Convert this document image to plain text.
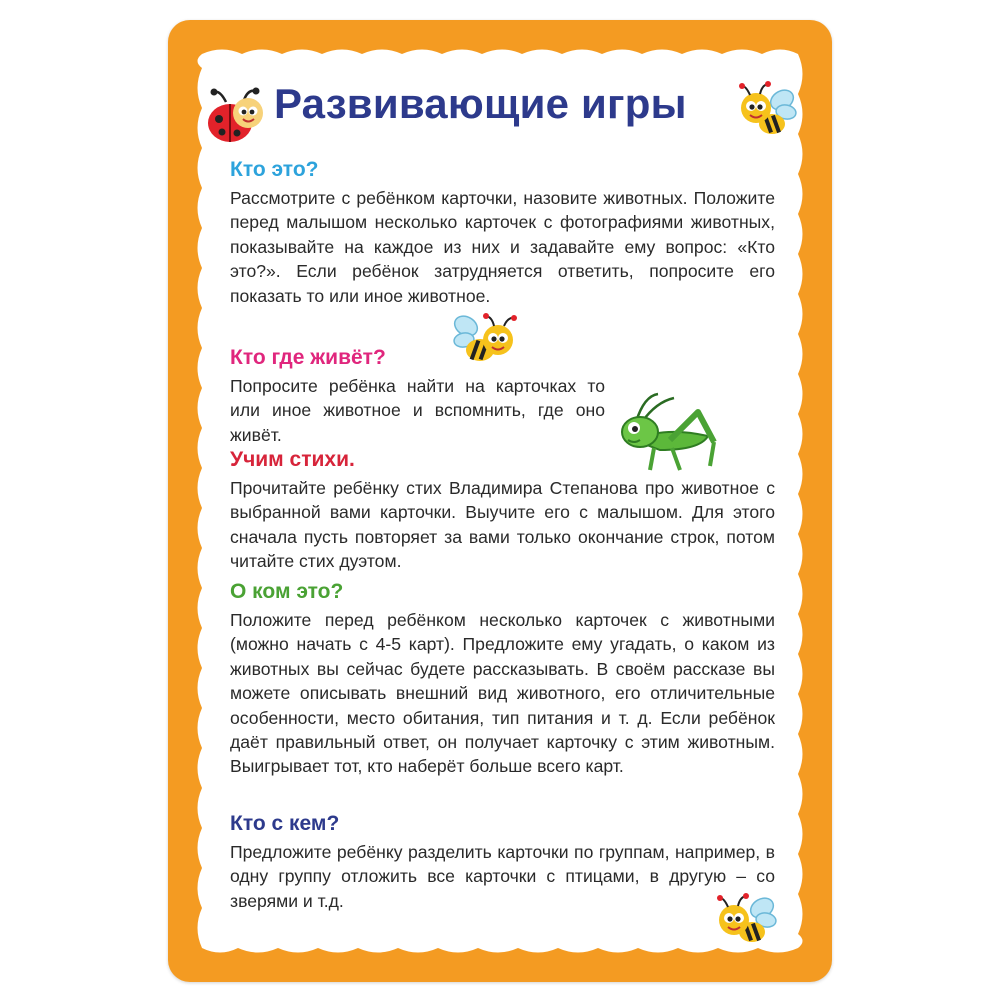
Развивающие игры
Кто это?

Рассмотрите с ребёнком карточки, назовите животных. Положите перед малышом несколько карточек с фотографиями животных, показывайте на каждое из них и задавайте ему вопрос: «Кто это?». Если ребёнок затрудняется ответить, попросите его показать то или иное животное.

Кто где живёт?

Попросите ребёнка найти на карточках то или иное животное и вспомнить, где оно живёт.

Учим стихи.

Прочитайте ребёнку стих Владимира Степанова про животное с выбранной вами карточки. Выучите его с малышом. Для этого сначала пусть повторяет за вами только окончание строк, потом читайте стих дуэтом.

О ком это?

Положите перед ребёнком несколько карточек с животными (можно начать с 4-5 карт). Предложите ему угадать, о каком из животных вы сейчас будете рассказывать. В своём рассказе вы можете описывать внешний вид животного, его отличительные особенности, место обитания, тип питания и т. д. Если ребёнок даёт правильный ответ, он получает карточку с этим животным. Выигрывает тот, кто наберёт больше всего карт.

Кто с кем?

Предложите ребёнку разделить карточки по группам, например, в одну группу отложить все карточки с птицами, в другую – со зверями и т.д.
